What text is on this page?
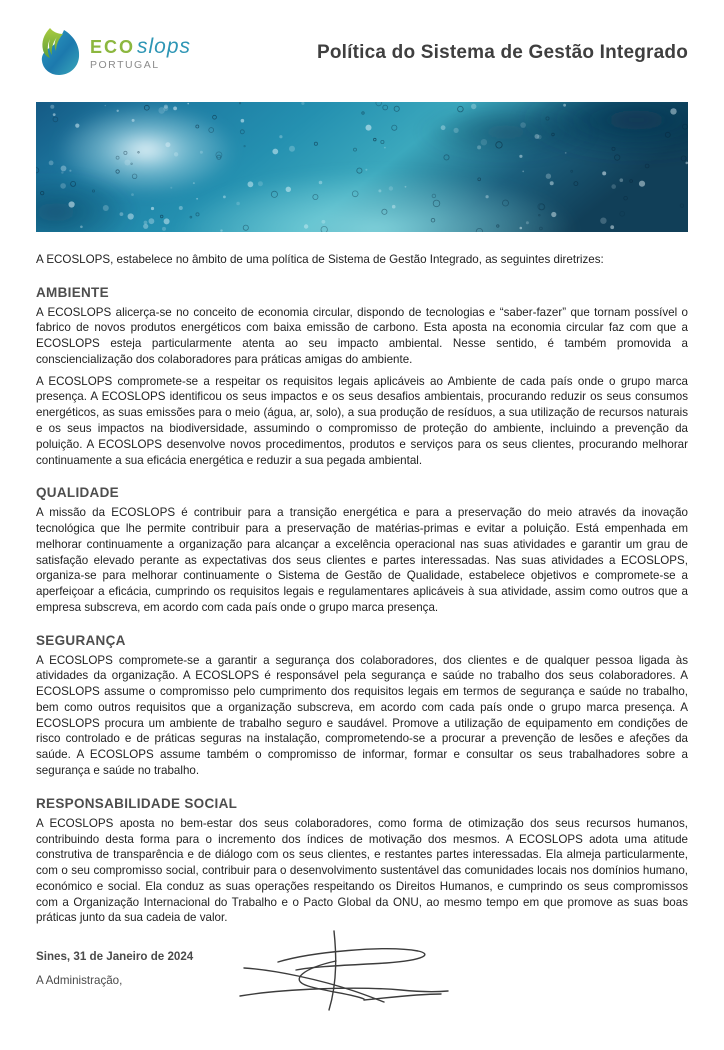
ECO slops
PORTUGAL
Política do Sistema de Gestão Integrado

A ECOSLOPS, estabelece no âmbito de uma política de Sistema de Gestão Integrado, as seguintes diretrizes:

AMBIENTE

A ECOSLOPS alicerça-se no conceito de economia circular, dispondo de tecnologias e “saber-fazer” que tornam possível o fabrico de novos produtos energéticos com baixa emissão de carbono. Esta aposta na economia circular faz com que a ECOSLOPS esteja particularmente atenta ao seu impacto ambiental. Nesse sentido, é também promovida a consciencialização dos colaboradores para práticas amigas do ambiente.

A ECOSLOPS compromete-se a respeitar os requisitos legais aplicáveis ao Ambiente de cada país onde o grupo marca presença. A ECOSLOPS identificou os seus impactos e os seus desafios ambientais, procurando reduzir os seus consumos energéticos, as suas emissões para o meio (água, ar, solo), a sua produção de resíduos, a sua utilização de recursos naturais e os seus impactos na biodiversidade, assumindo o compromisso de proteção do ambiente, incluindo a prevenção da poluição. A ECOSLOPS desenvolve novos procedimentos, produtos e serviços para os seus clientes, procurando melhorar continuamente a sua eficácia energética e reduzir a sua pegada ambiental.

QUALIDADE

A missão da ECOSLOPS é contribuir para a transição energética e para a preservação do meio através da inovação tecnológica que lhe permite contribuir para a preservação de matérias-primas e evitar a poluição. Está empenhada em melhorar continuamente a organização para alcançar a excelência operacional nas suas atividades e garantir um grau de satisfação elevado perante as expectativas dos seus clientes e partes interessadas. Nas suas atividades a ECOSLOPS, organiza-se para melhorar continuamente o Sistema de Gestão de Qualidade, estabelece objetivos e compromete-se a aperfeiçoar a eficácia, cumprindo os requisitos legais e regulamentares aplicáveis à sua atividade, assim como outros que a empresa subscreva, em acordo com cada país onde o grupo marca presença.

SEGURANÇA

A ECOSLOPS compromete-se a garantir a segurança dos colaboradores, dos clientes e de qualquer pessoa ligada às atividades da organização. A ECOSLOPS é responsável pela segurança e saúde no trabalho dos seus colaboradores. A ECOSLOPS assume o compromisso pelo cumprimento dos requisitos legais em termos de segurança e saúde no trabalho, bem como outros requisitos que a organização subscreva, em acordo com cada país onde o grupo marca presença. A ECOSLOPS procura um ambiente de trabalho seguro e saudável. Promove a utilização de equipamento em condições de risco controlado e de práticas seguras na instalação, comprometendo-se a procurar a prevenção de lesões e afeções da saúde. A ECOSLOPS assume também o compromisso de informar, formar e consultar os seus trabalhadores sobre a segurança e saúde no trabalho.

RESPONSABILIDADE SOCIAL

A ECOSLOPS aposta no bem-estar dos seus colaboradores, como forma de otimização dos seus recursos humanos, contribuindo desta forma para o incremento dos índices de motivação dos mesmos. A ECOSLOPS adota uma atitude construtiva de transparência e de diálogo com os seus clientes, e restantes partes interessadas. Ela almeja particularmente, com o seu compromisso social, contribuir para o desenvolvimento sustentável das comunidades locais nos domínios humano, económico e social. Ela conduz as suas operações respeitando os Direitos Humanos, e cumprindo os seus compromissos com a Organização Internacional do Trabalho e o Pacto Global da ONU, ao mesmo tempo em que promove as suas boas práticas junto da sua cadeia de valor.

Sines, 31 de Janeiro de 2024
A Administração,
